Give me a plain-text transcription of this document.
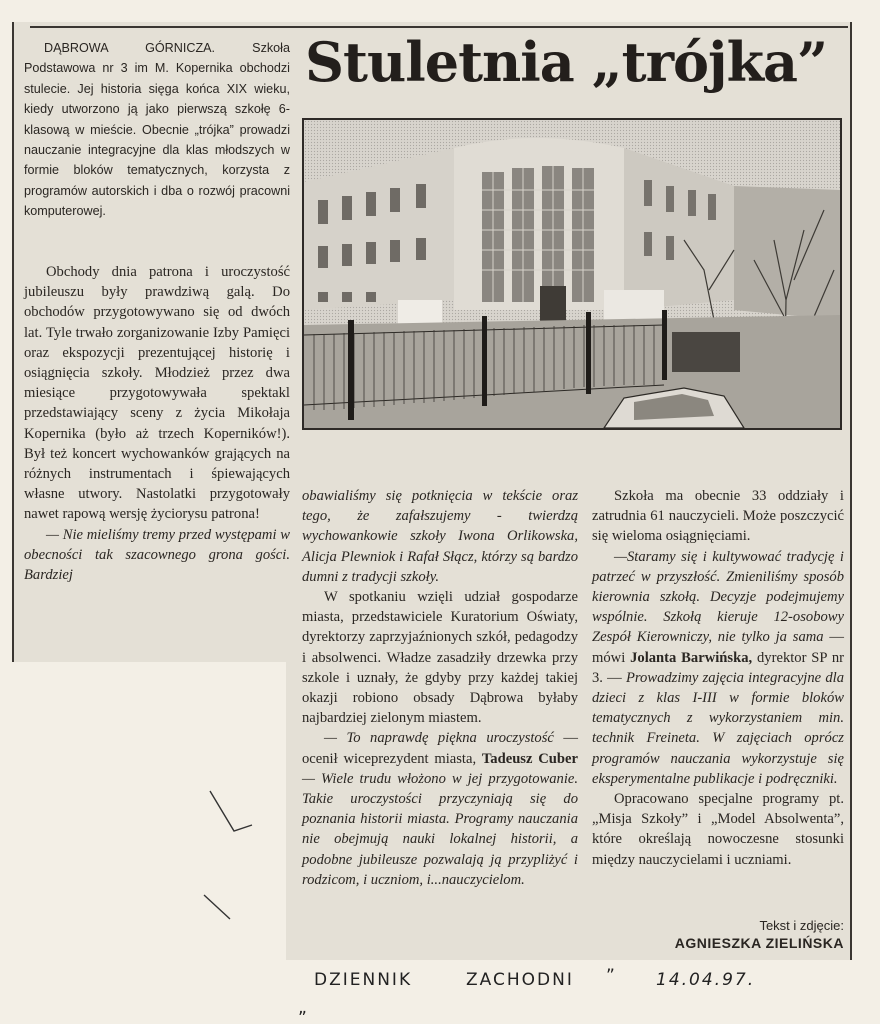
DĄBROWA GÓRNICZA. Szkoła Podstawowa nr 3 im M. Kopernika obchodzi stulecie. Jej historia sięga końca XIX wieku, kiedy utworzono ją jako pierwszą szkołę 6-klasową w mieście. Obecnie „trójka” prowadzi nauczanie integracyjne dla klas młodszych w formie bloków tematycznych, korzysta z programów autorskich i dba o rozwój pracowni komputerowej.
Stuletnia „trójka”

Obchody dnia patrona i uroczystość jubileuszu były prawdziwą galą. Do obchodów przygotowywano się od dwóch lat. Tyle trwało zorganizowanie Izby Pamięci oraz ekspozycji prezentującej historię i osiągnięcia szkoły. Młodzież przez dwa miesiące przygotowywała spektakl przedstawiający sceny z życia Mikołaja Kopernika (było aż trzech Koperników!). Był też koncert wychowanków grających na różnych instrumentach i śpiewających własne utwory. Nastolatki przygotowały nawet rapową wersję życiorysu patrona!

— Nie mieliśmy tremy przed występami w obecności tak szacownego grona gości. Bardziej

obawialiśmy się potknięcia w tekście oraz tego, że zafałszujemy - twierdzą wychowankowie szkoły Iwona Orlikowska, Alicja Plewniok i Rafał Słącz, którzy są bardzo dumni z tradycji szkoły.

W spotkaniu wzięli udział gospodarze miasta, przedstawiciele Kuratorium Oświaty, dyrektorzy zaprzyjaźnionych szkół, pedagodzy i absolwenci. Władze zasadziły drzewka przy szkole i uznały, że gdyby przy każdej takiej okazji robiono obsady Dąbrowa byłaby najbardziej zielonym miastem.

— To naprawdę piękna uroczystość —ocenił wiceprezydent miasta, Tadeusz Cuber — Wiele trudu włożono w jej przygotowanie. Takie uroczystości przyczyniają się do poznania historii miasta. Programy nauczania nie obejmują nauki lokalnej historii, a podobne jubileusze pozwalają ją przypliżyć i rodzicom, i uczniom, i...nauczycielom.

Szkoła ma obecnie 33 oddziały i zatrudnia 61 nauczycieli. Może poszczycić się wieloma osiągnięciami.

—Staramy się i kultywować tradycję i patrzeć w przyszłość. Zmieniliśmy sposób kierownia szkołą. Decyzje podejmujemy wspólnie. Szkołą kieruje 12-osobowy Zespół Kierowniczy, nie tylko ja sama — mówi Jolanta Barwińska, dyrektor SP nr 3. — Prowadzimy zajęcia integracyjne dla dzieci z klas I-III w formie bloków tematycznych z wykorzystaniem min. technik Freineta. W zajęciach oprócz programów nauczania wykorzystuje się eksperymentalne publikacje i podręczniki.

Opracowano specjalne programy pt. „Misja Szkoły” i „Model Absolwenta”, które określają nowoczesne stosunki między nauczycielami i uczniami.

Tekst i zdjęcie:
AGNIESZKA ZIELIŃSKA
„
DZIENNIK	ZACHODNI ” 14.04.97.
